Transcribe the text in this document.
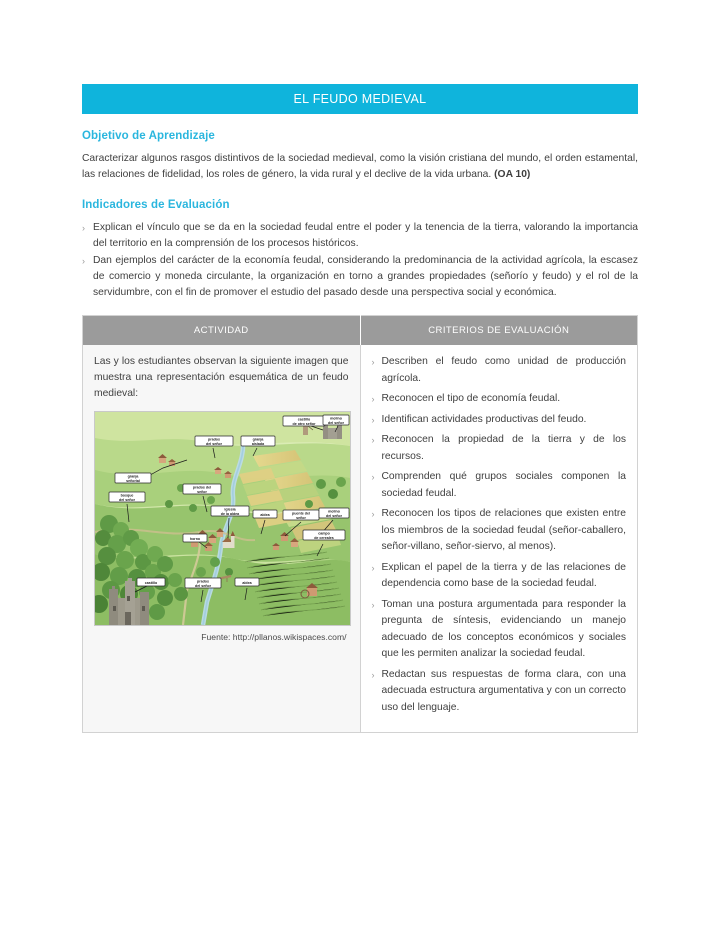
EL FEUDO MEDIEVAL
Objetivo de Aprendizaje
Caracterizar algunos rasgos distintivos de la sociedad medieval, como la visión cristiana del mundo, el orden estamental, las relaciones de fidelidad, los roles de género, la vida rural y el declive de la vida urbana. (OA 10)
Indicadores de Evaluación
› Explican el vínculo que se da en la sociedad feudal entre el poder y la tenencia de la tierra, valorando la importancia del territorio en la comprensión de los procesos históricos.
› Dan ejemplos del carácter de la economía feudal, considerando la predominancia de la actividad agrícola, la escasez de comercio y moneda circulante, la organización en torno a grandes propiedades (señorío y feudo) y el rol de la servidumbre, con el fin de promover el estudio del pasado desde una perspectiva social y económica.
ACTIVIDAD	CRITERIOS DE EVALUACIÓN

Las y los estudiantes observan la siguiente imagen que muestra una representación esquemática de un feudo medieval:
granja
señorial
prados
del señor
granja
aislada
castillo
de otro señor
molino
del señor
bosque
del señor
prados del
señor
iglesia
de la aldea	aldea	puente del
señor
molino
del señor
horno
campo
de cereales
castillo	prados
del señor
aldea
Fuente: http://pllanos.wikispaces.com/

› Describen el feudo como unidad de producción agrícola.
› Reconocen el tipo de economía feudal.
› Identifican actividades productivas del feudo.
› Reconocen la propiedad de la tierra y de los recursos.
› Comprenden qué grupos sociales componen la sociedad feudal.
› Reconocen los tipos de relaciones que existen entre los miembros de la sociedad feudal (señor-caballero, señor-villano, señor-siervo, al menos).
› Explican el papel de la tierra y de las relaciones de dependencia como base de la sociedad feudal.
› Toman una postura argumentada para responder la pregunta de síntesis, evidenciando un manejo adecuado de los conceptos económicos y sociales que les permiten analizar la sociedad feudal.
› Redactan sus respuestas de forma clara, con una adecuada estructura argumentativa y con un correcto uso del lenguaje.
